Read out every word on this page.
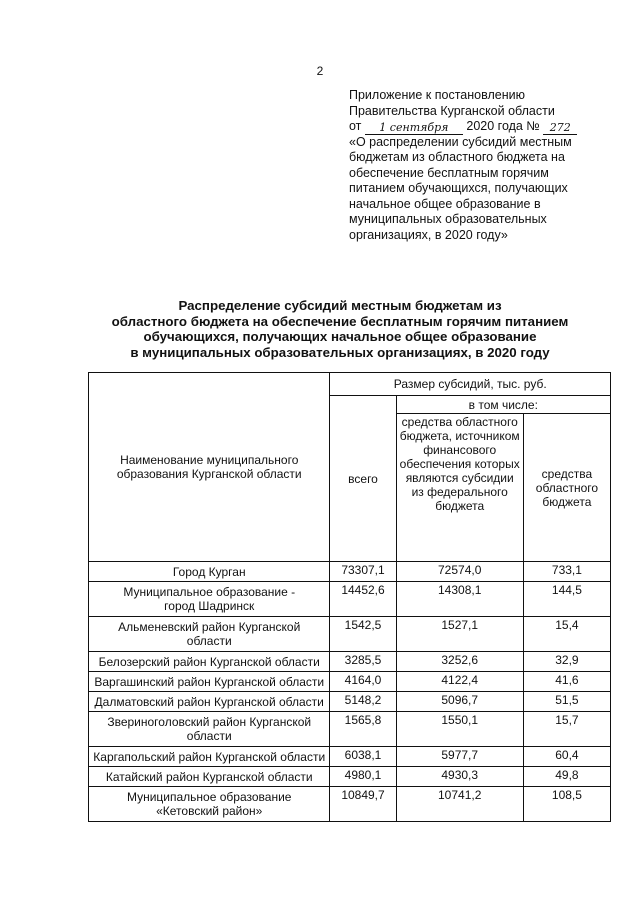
2
Приложение к постановлению
Правительства Курганской области
от 1 сентября 2020 года № 272
«О распределении субсидий местным
бюджетам из областного бюджета на
обеспечение бесплатным горячим
питанием обучающихся, получающих
начальное общее образование в
муниципальных образовательных
организациях, в 2020 году»
Распределение субсидий местным бюджетам из
областного бюджета на обеспечение бесплатным горячим питанием
обучающихся, получающих начальное общее образование
в муниципальных образовательных организациях, в 2020 году
Наименование муниципального образования Курганской области	Размер субсидий, тыс. руб.		
	всего	в том числе:	
		средства областного бюджета, источником финансового обеспечения которых являются субсидии из федерального бюджета	средства областного бюджета

Город Курган	73307,1	72574,0	733,1

Муниципальное образование -
город Шадринск	14452,6	14308,1	144,5

Альменевский район Курганской
области	1542,5	1527,1	15,4

Белозерский район Курганской области	3285,5	3252,6	32,9

Варгашинский район Курганской области	4164,0	4122,4	41,6

Далматовский район Курганской области	5148,2	5096,7	51,5

Звериноголовский район Курганской
области	1565,8	1550,1	15,7

Каргапольский район Курганской области	6038,1	5977,7	60,4

Катайский район Курганской области	4980,1	4930,3	49,8

Муниципальное образование
«Кетовский район»	10849,7	10741,2	108,5
